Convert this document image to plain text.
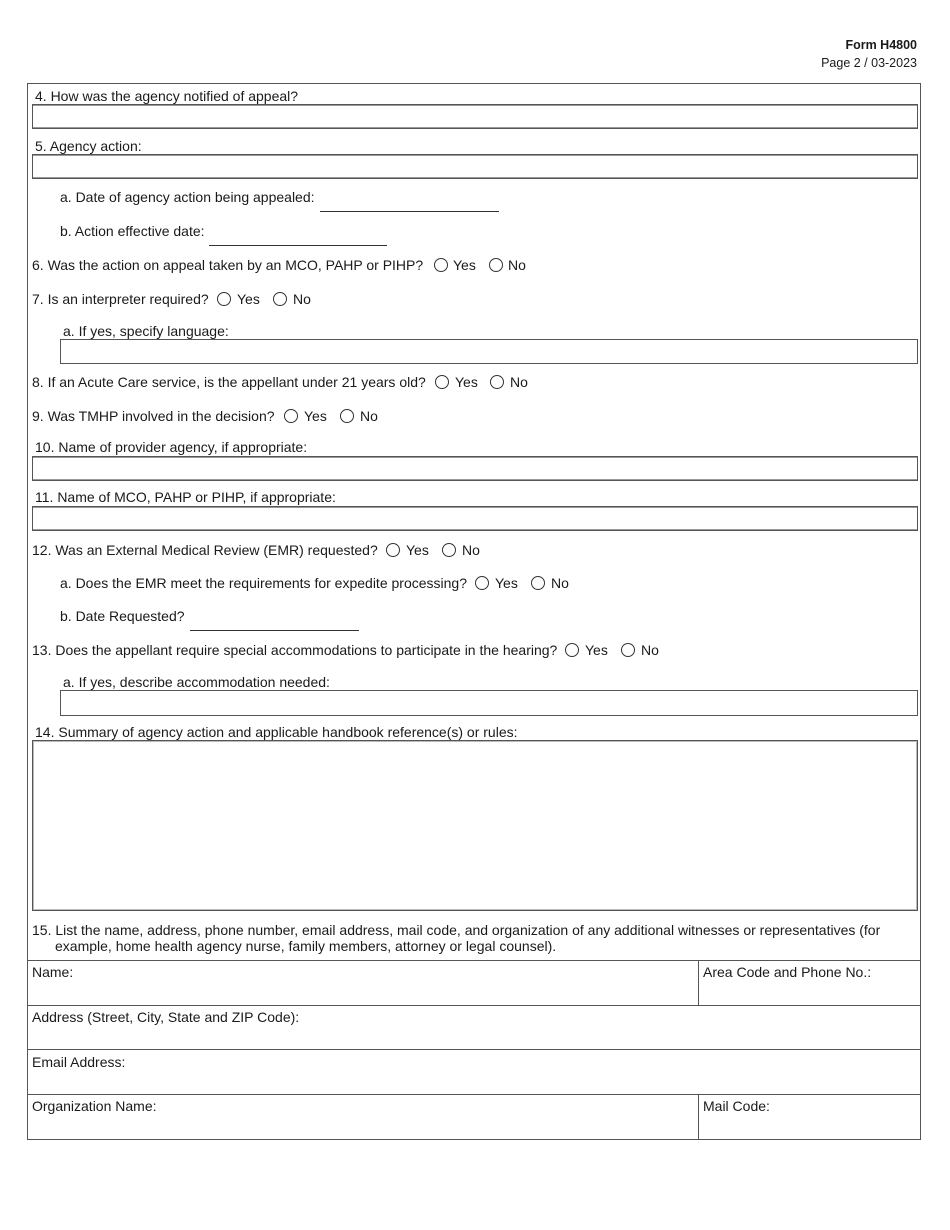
Form H4800
Page 2 / 03-2023
4. How was the agency notified of appeal?
5. Agency action:
a. Date of agency action being appealed:
b. Action effective date:
6. Was the action on appeal taken by an MCO, PAHP or PIHP? Yes No
7. Is an interpreter required? Yes No
a. If yes, specify language:
8. If an Acute Care service, is the appellant under 21 years old? Yes No
9. Was TMHP involved in the decision? Yes No
10. Name of provider agency, if appropriate:
11. Name of MCO, PAHP or PIHP, if appropriate:
12. Was an External Medical Review (EMR) requested? Yes No
a. Does the EMR meet the requirements for expedite processing? Yes No
b. Date Requested?
13. Does the appellant require special accommodations to participate in the hearing? Yes No
a. If yes, describe accommodation needed:
14. Summary of agency action and applicable handbook reference(s) or rules:
15. List the name, address, phone number, email address, mail code, and organization of any additional witnesses or representatives (for
example, home health agency nurse, family members, attorney or legal counsel).
Name:	Area Code and Phone No.:
Address (Street, City, State and ZIP Code):
Email Address:
Organization Name:	Mail Code:
